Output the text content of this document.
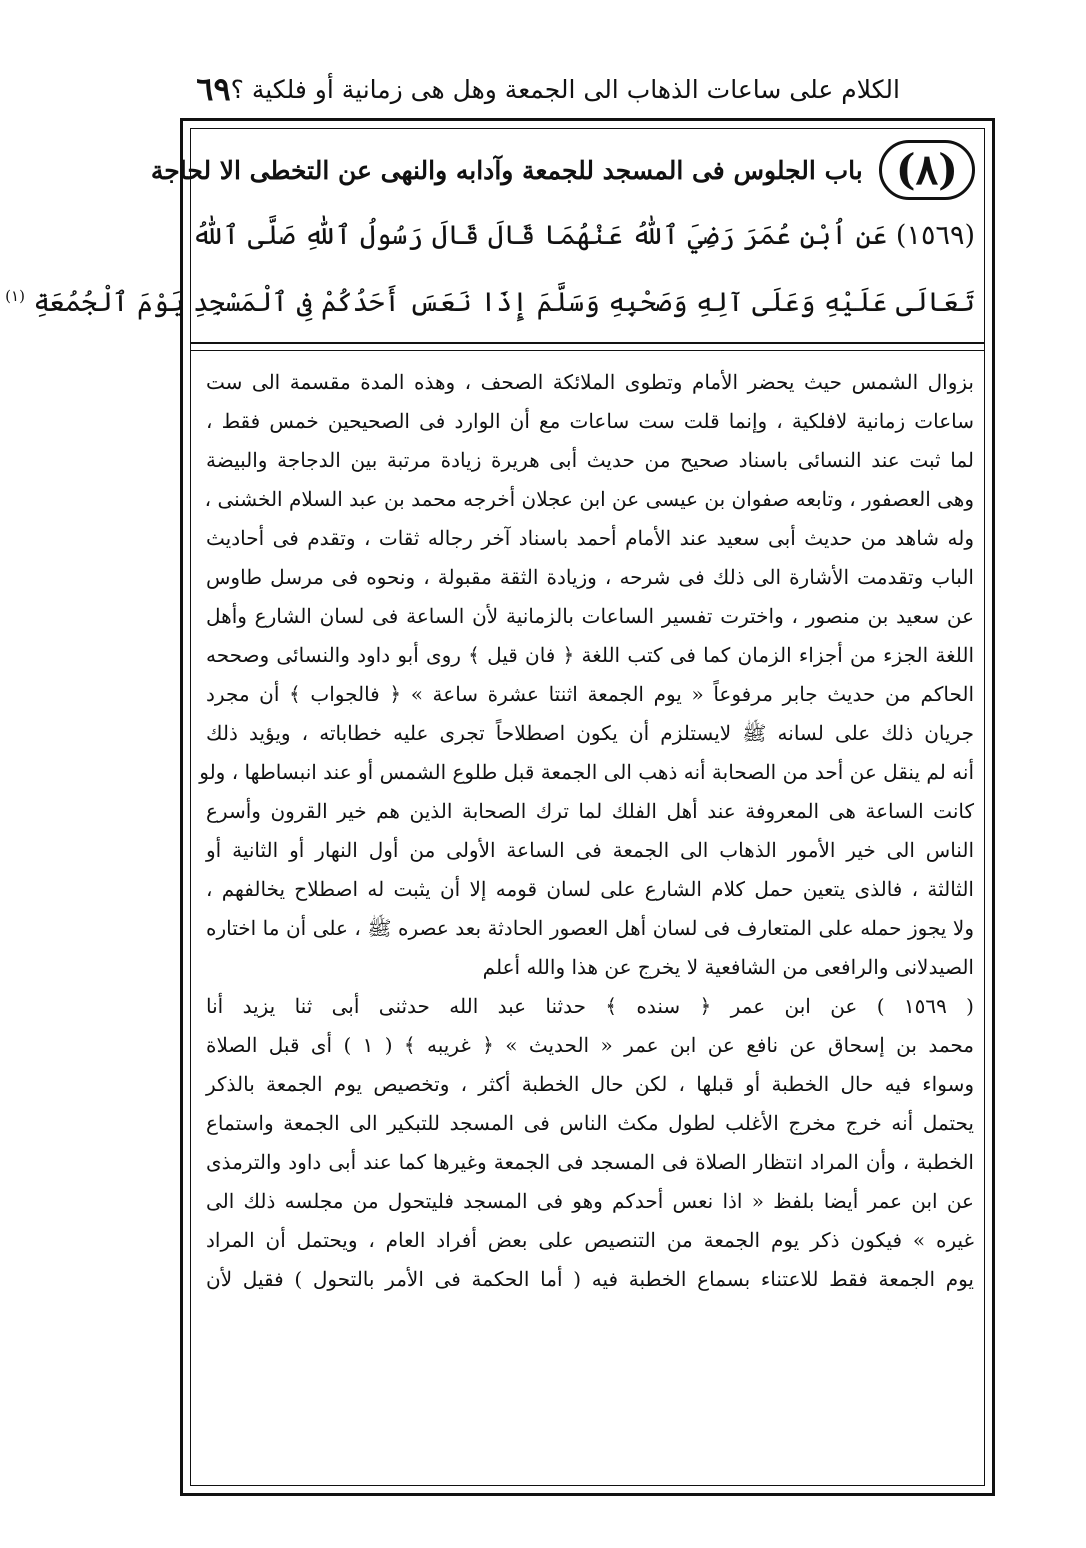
الكلام على ساعات الذهاب الى الجمعة وهل هى زمانية أو فلكية ؟
٦٩
(٨)
باب الجلوس فى المسجد للجمعة وآدابه والنهى عن التخطى الا لحاجة
(١٥٦٩) عَن اُبْنِ عُمَرَ رَضِيَ ٱللّٰهُ عَنْهُمَا قَالَ قَالَ رَسُولُ ٱللّٰهِ صَلَّى ٱللّٰهُ
تَعَالَى عَلَيْهِ وَعَلَى آلِهِ وَصَحْبِهِ وَسَلَّمَ إِذَا نَعَسَ أَحَدُكُمْ فِى ٱلْمَسْجِدِ يَوْمَ ٱلْجُمُعَةِ $^{(١)}$
بزوال الشمس حيث يحضر الأمام وتطوى الملائكة الصحف ، وهذه المدة مقسمة الى ست
ساعات زمانية لافلكية ، وإنما قلت ست ساعات مع أن الوارد فى الصحيحين خمس فقط ،
لما ثبت عند النسائى باسناد صحيح من حديث أبى هريرة زيادة مرتبة بين الدجاجة والبيضة
وهى العصفور ، وتابعه صفوان بن عيسى عن ابن عجلان أخرجه محمد بن عبد السلام الخشنى ،
وله شاهد من حديث أبى سعيد عند الأمام أحمد باسناد آخر رجاله ثقات ، وتقدم فى أحاديث
الباب وتقدمت الأشارة الى ذلك فى شرحه ، وزيادة الثقة مقبولة ، ونحوه فى مرسل طاوس
عن سعيد بن منصور ، واخترت تفسير الساعات بالزمانية لأن الساعة فى لسان الشارع وأهل
اللغة الجزء من أجزاء الزمان كما فى كتب اللغة ﴿ فان قيل ﴾ روى أبو داود والنسائى وصححه
الحاكم من حديث جابر مرفوعاً « يوم الجمعة اثنتا عشرة ساعة » ﴿ فالجواب ﴾ أن مجرد
جريان ذلك على لسانه ﷺ لايستلزم أن يكون اصطلاحاً تجرى عليه خطاباته ، ويؤيد ذلك
أنه لم ينقل عن أحد من الصحابة أنه ذهب الى الجمعة قبل طلوع الشمس أو عند انبساطها ، ولو
كانت الساعة هى المعروفة عند أهل الفلك لما ترك الصحابة الذين هم خير القرون وأسرع
الناس الى خير الأمور الذهاب الى الجمعة فى الساعة الأولى من أول النهار أو الثانية أو
الثالثة ، فالذى يتعين حمل كلام الشارع على لسان قومه إلا أن يثبت له اصطلاح يخالفهم ،
ولا يجوز حمله على المتعارف فى لسان أهل العصور الحادثة بعد عصره ﷺ ، على أن ما اختاره
الصيدلانى والرافعى من الشافعية لا يخرج عن هذا والله أعلم
( ١٥٦٩ ) عن ابن عمر ﴿ سنده ﴾ حدثنا عبد الله حدثنى أبى ثنا يزيد أنا
محمد بن إسحاق عن نافع عن ابن عمر « الحديث » ﴿ غريبه ﴾ ( ١ ) أى قبل الصلاة
وسواء فيه حال الخطبة أو قبلها ، لكن حال الخطبة أكثر ، وتخصيص يوم الجمعة بالذكر
يحتمل أنه خرج مخرج الأغلب لطول مكث الناس فى المسجد للتبكير الى الجمعة واستماع
الخطبة ، وأن المراد انتظار الصلاة فى المسجد فى الجمعة وغيرها كما عند أبى داود والترمذى
عن ابن عمر أيضا بلفظ « اذا نعس أحدكم وهو فى المسجد فليتحول من مجلسه ذلك الى
غيره » فيكون ذكر يوم الجمعة من التنصيص على بعض أفراد العام ، ويحتمل أن المراد
يوم الجمعة فقط للاعتناء بسماع الخطبة فيه ( أما الحكمة فى الأمر بالتحول ) فقيل لأن
